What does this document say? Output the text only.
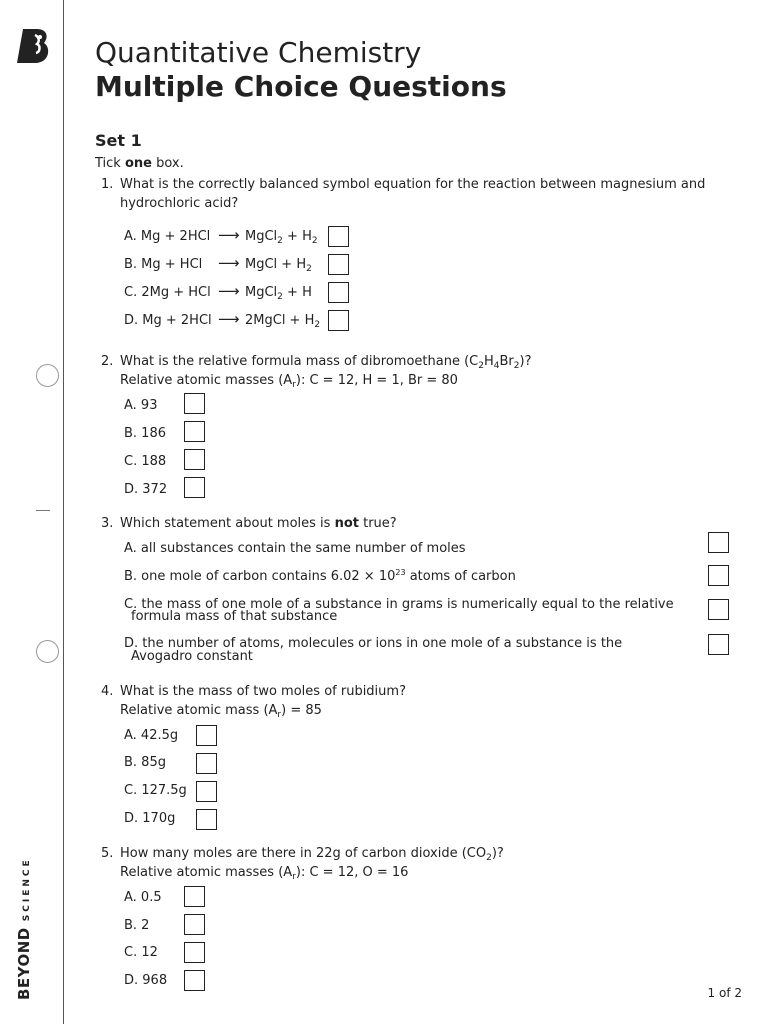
Quantitative Chemistry
Multiple Choice Questions
Set 1
Tick one box.
1. What is the correctly balanced symbol equation for the reaction between magnesium and
hydrochloric acid?
A. Mg + 2HCl ⟶ MgCl$_2$ + $H_2$
B. Mg + HCl ⟶ MgCl + $H_2$
C. 2Mg + HCl ⟶ MgCl$_2$ + H
D. Mg + 2HCl ⟶ 2MgCl + $H_2$
2. What is the relative formula mass of dibromoethane $(C_2H_4Br_2)$?
Relative atomic masses $(A_r)$: C = 12, H = 1, Br = 80
A. 93
B. 186
C. 188
D. 372
3. Which statement about moles is not true?
A. all substances contain the same number of moles
B. one mole of carbon contains $6.02 \times 10^{23}$ atoms of carbon
C. the mass of one mole of a substance in grams is numerically equal to the relative
formula mass of that substance
D. the number of atoms, molecules or ions in one mole of a substance is the
Avogadro constant
4. What is the mass of two moles of rubidium?
Relative atomic mass $(A_r) = 85$
A. 42.5g
B. 85g
C. 127.5g
D. 170g
5. How many moles are there in 22g of carbon dioxide $(CO_2)$?
Relative atomic masses $(A_r)$: C = 12, O = 16
A. 0.5
B. 2
C. 12
D. 968
BEYONDSCIENCE
1 of 2
